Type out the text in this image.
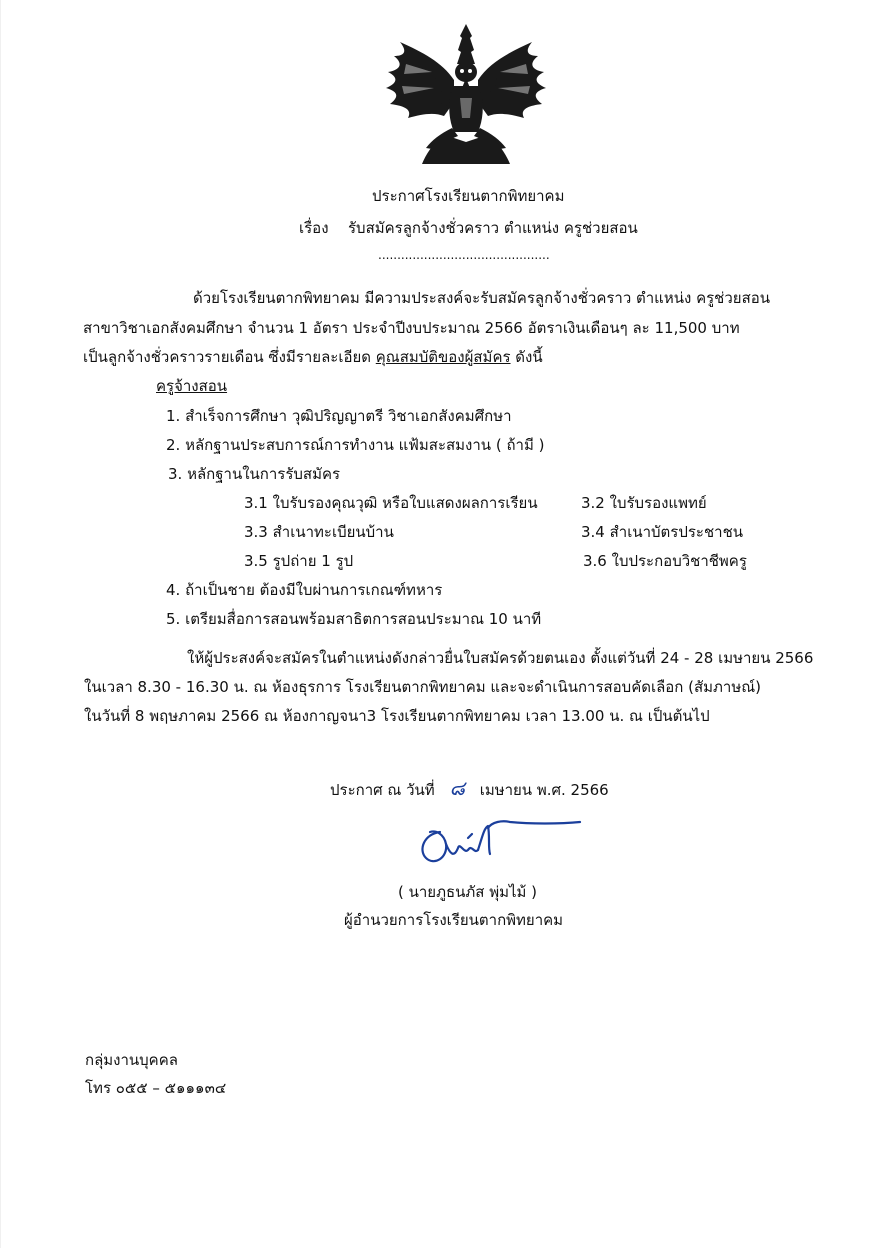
ประกาศโรงเรียนตากพิทยาคม
เรื่อง รับสมัครลูกจ้างชั่วคราว ตำแหน่ง ครูช่วยสอน
.............................................
ด้วยโรงเรียนตากพิทยาคม มีความประสงค์จะรับสมัครลูกจ้างชั่วคราว ตำแหน่ง ครูช่วยสอน
สาขาวิชาเอกสังคมศึกษา จำนวน 1 อัตรา ประจำปีงบประมาณ 2566 อัตราเงินเดือนๆ ละ 11,500 บาท
เป็นลูกจ้างชั่วคราวรายเดือน ซึ่งมีรายละเอียด คุณสมบัติของผู้สมัคร ดังนี้
ครูจ้างสอน
1. สำเร็จการศึกษา วุฒิปริญญาตรี วิชาเอกสังคมศึกษา
2. หลักฐานประสบการณ์การทำงาน แฟ้มสะสมงาน ( ถ้ามี )
3. หลักฐานในการรับสมัคร
3.1 ใบรับรองคุณวุฒิ หรือใบแสดงผลการเรียน	3.2 ใบรับรองแพทย์
3.3 สำเนาทะเบียนบ้าน	3.4 สำเนาบัตรประชาชน
3.5 รูปถ่าย 1 รูป	3.6 ใบประกอบวิชาชีพครู
4. ถ้าเป็นชาย ต้องมีใบผ่านการเกณฑ์ทหาร
5. เตรียมสื่อการสอนพร้อมสาธิตการสอนประมาณ 10 นาที
ให้ผู้ประสงค์จะสมัครในตำแหน่งดังกล่าวยื่นใบสมัครด้วยตนเอง ตั้งแต่วันที่ 24 - 28 เมษายน 2566
ในเวลา 8.30 - 16.30 น. ณ ห้องธุรการ โรงเรียนตากพิทยาคม และจะดำเนินการสอบคัดเลือก (สัมภาษณ์)
ในวันที่ 8 พฤษภาคม 2566 ณ ห้องกาญจนา3 โรงเรียนตากพิทยาคม เวลา 13.00 น. ณ เป็นต้นไป
ประกาศ ณ วันที่ ๘ เมษายน พ.ศ. 2566
( นายภูธนภัส พุ่มไม้ )
ผู้อำนวยการโรงเรียนตากพิทยาคม
กลุ่มงานบุคคล
โทร ๐๕๕ – ๕๑๑๑๓๔
